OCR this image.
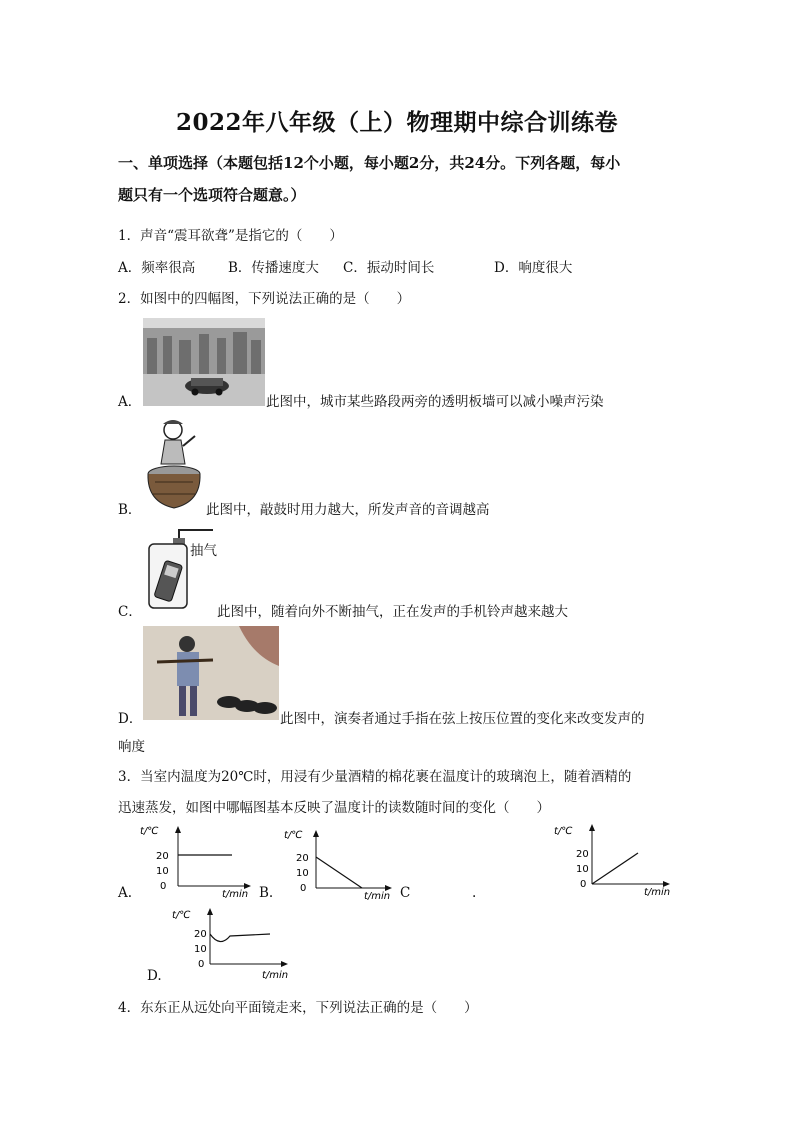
2022年八年级（上）物理期中综合训练卷
一、单项选择（本题包括12个小题，每小题2分，共24分。下列各题，每小
题只有一个选项符合题意。）
1．声音“震耳欲聋”是指它的（　　）
A．频率很高 B．传播速度大 C．振动时间长	D．响度很大
2．如图中的四幅图，下列说法正确的是（　　）
A．	此图中，城市某些路段两旁的透明板墙可以减小噪声污染
B．	此图中，敲鼓时用力越大，所发声音的音调越高
抽气
C．	此图中，随着向外不断抽气，正在发声的手机铃声越来越大
D．	此图中，演奏者通过手指在弦上按压位置的变化来改变发声的
响度
3．当室内温度为20℃时，用浸有少量酒精的棉花裹在温度计的玻璃泡上，随着酒精的
迅速蒸发，如图中哪幅图基本反映了温度计的读数随时间的变化（　　）
t/℃
20
10
0
t/min
A.
t/℃
20
10
0
t/min
B.	C	.
t/℃
20
10
0
t/min
t/℃
20
10
0
t/min
D.
4．东东正从远处向平面镜走来，下列说法正确的是（　　）
